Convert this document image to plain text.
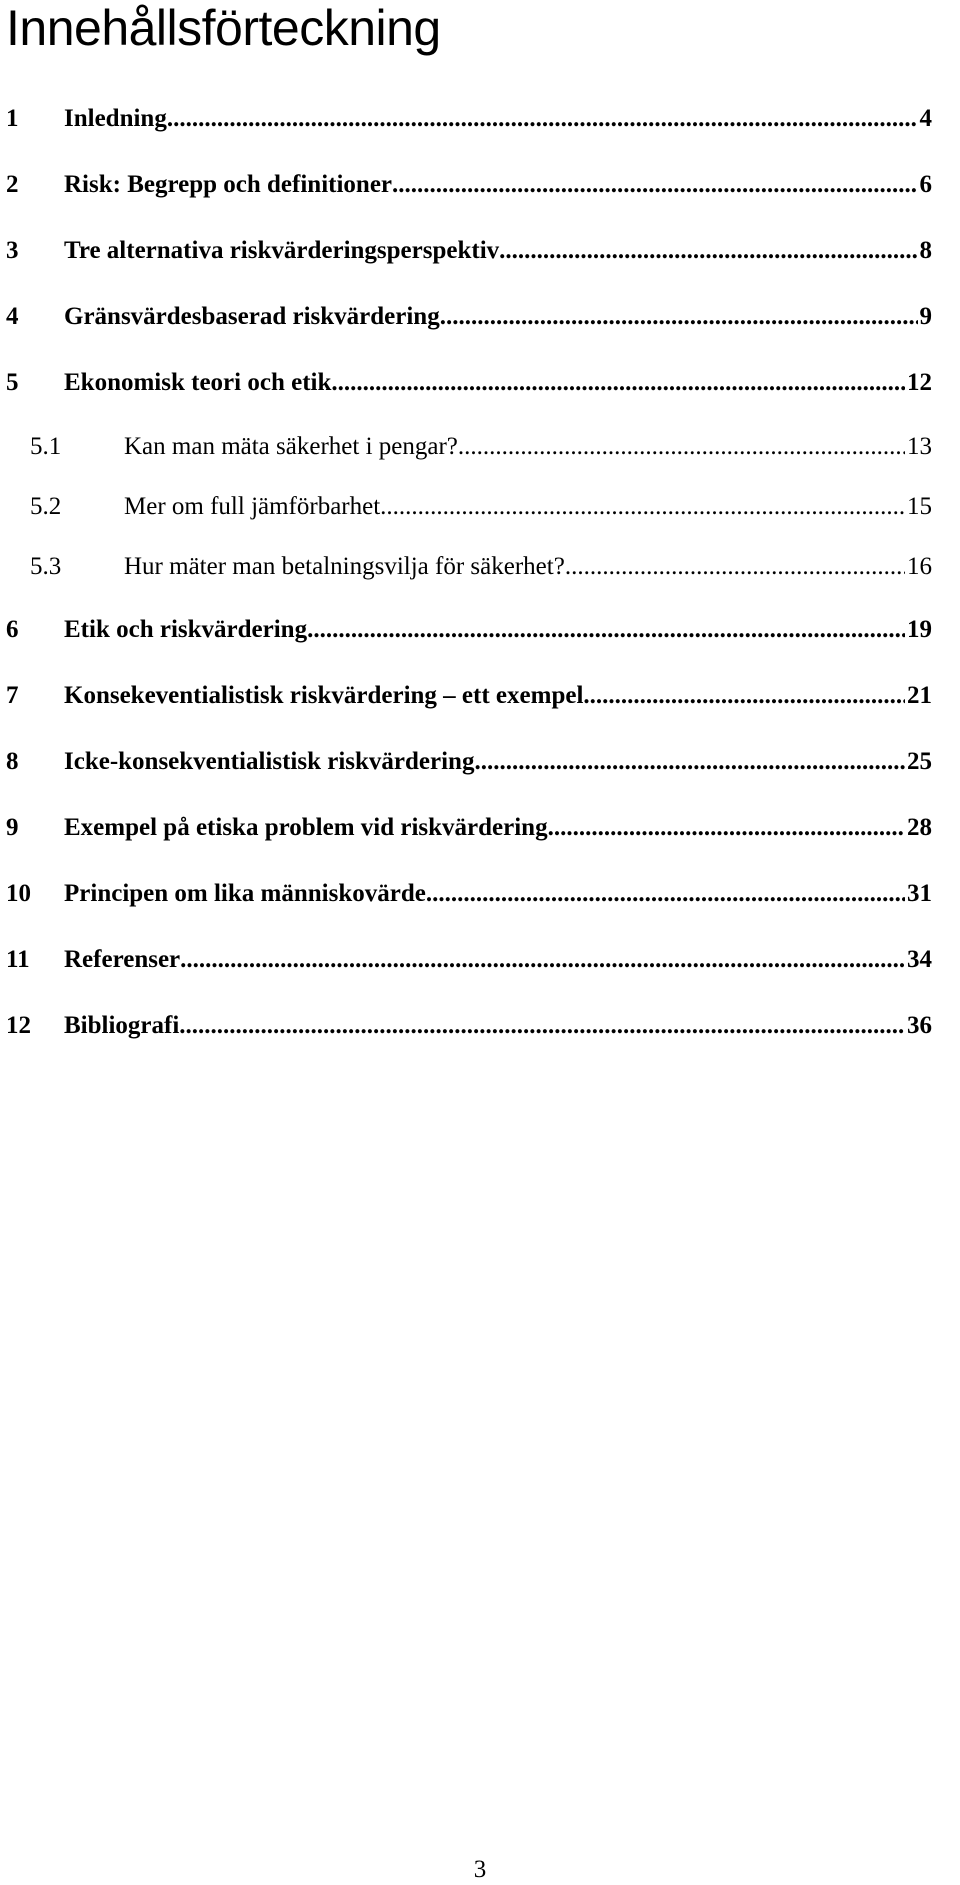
Innehållsförteckning
1 Inledning .....	4
2 Risk: Begrepp och definitioner .....	6
3 Tre alternativa riskvärderingsperspektiv .....	8
4 Gränsvärdesbaserad riskvärdering .....	9
5 Ekonomisk teori och etik .....	12
5.1	Kan man mäta säkerhet i pengar? .....	13
5.2	Mer om full jämförbarhet .....	15
5.3	Hur mäter man betalningsvilja för säkerhet? .....	16
6 Etik och riskvärdering .....	19
7 Konsekeventialistisk riskvärdering – ett exempel .....	21
8 Icke-konsekventialistisk riskvärdering .....	25
9 Exempel på etiska problem vid riskvärdering .....	28
10 Principen om lika människovärde .....	31
11 Referenser .....	34
12 Bibliografi .....	36
3
